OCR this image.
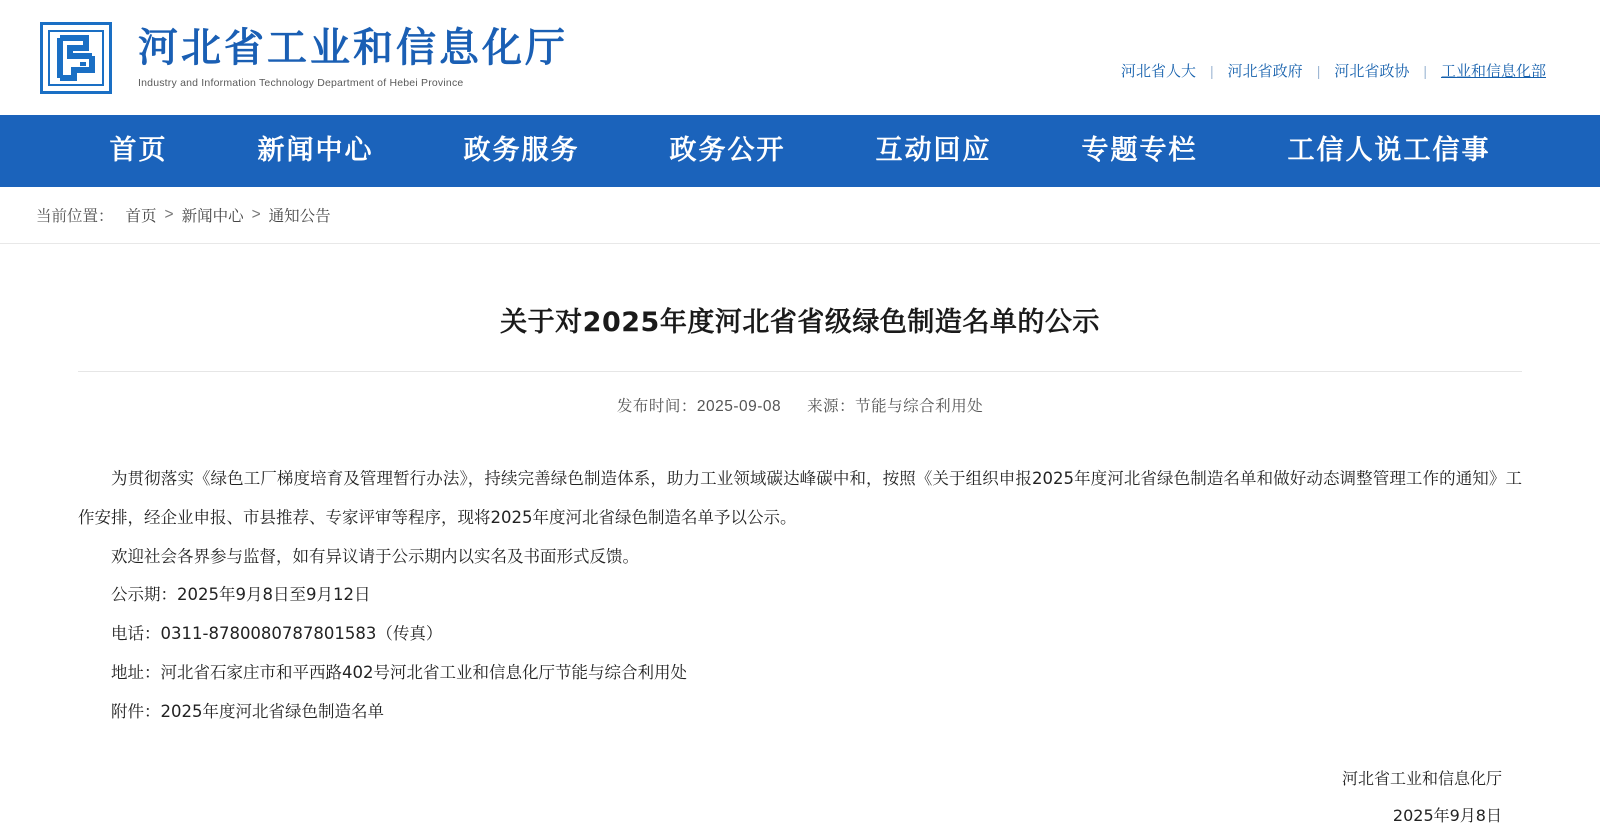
河北省工业和信息化厅
Industry and Information Technology Department of Hebei Province
河北省人大	| 河北省政府	| 河北省政协	| 工业和信息化部
首页	新闻中心	政务服务	政务公开	互动回应	专题专栏	工信人说工信事
当前位置： 首页 > 新闻中心 > 通知公告
关于对2025年度河北省省级绿色制造名单的公示
发布时间：2025-09-08 来源：节能与综合利用处

为贯彻落实《绿色工厂梯度培育及管理暂行办法》，持续完善绿色制造体系，助力工业领域碳达峰碳中和，按照《关于组织申报2025年度河北省绿色制造名单和做好动态调整管理工作的通知》工作安排，经企业申报、市县推荐、专家评审等程序，现将2025年度河北省绿色制造名单予以公示。

欢迎社会各界参与监督，如有异议请于公示期内以实名及书面形式反馈。

公示期：2025年9月8日至9月12日

电话：0311-8780080787801583（传真）

地址：河北省石家庄市和平西路402号河北省工业和信息化厅节能与综合利用处

附件：2025年度河北省绿色制造名单

河北省工业和信息化厅
2025年9月8日
